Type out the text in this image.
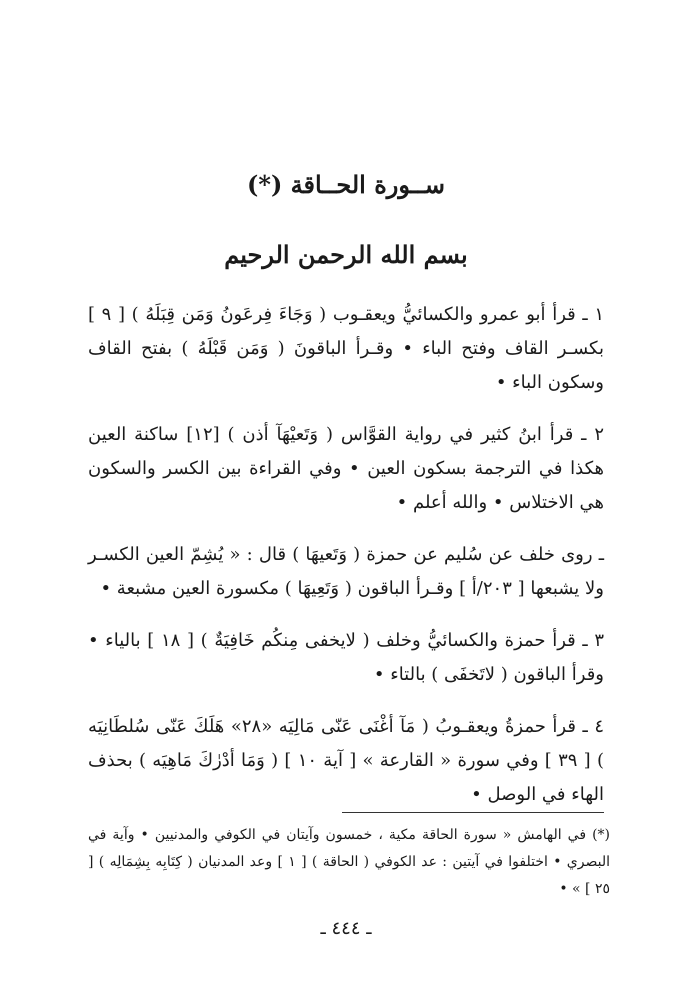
ســورة الحــاقة (*)
بسم الله الرحمن الرحيم

١ ـ قرأ أبو عمرو والكسائيُّ ويعقـوب ( وَجَاءَ فِرعَونُ وَمَن قِبَلَهُ ) [ ٩ ] بكسـر القاف وفتح الباء • وقـرأ الباقونَ ( وَمَن قَبْلَهُ ) بفتح القاف وسكون الباء •

٢ ـ قرأ ابنُ كثير في رواية القوَّاس ( وَتَعيْهَآ أذن ) [١٢] ساكنة العين هكذا في الترجمة بسكون العين • وفي القراءة بين الكسر والسكون هي الاختلاس • والله أعلم •

ـ روى خلف عن سُليم عن حمزة ( وَتَعيهَا ) قال : « يُشِمّ العين الكسـر ولا يشبعها [ ٢٠٣/أ ] وقـرأ الباقون ( وَتَعِيهَا ) مكسورة العين مشبعة •

٣ ـ قرأ حمزة والكسائيُّ وخلف ( لايخفى مِنكُم خَافِيَةٌ ) [ ١٨ ] بالياء • وقرأ الباقون ( لاتَخفَى ) بالتاء •

٤ ـ قرأ حمزةُ ويعقـوبُ ( مَآ أغْنَى عَنّى مَالِيَه «٢٨» هَلَكَ عَنّى سُلطَانِيَه ) [ ٣٩ ] وفي سورة « القارعة » [ آية ١٠ ] ( وَمَا أدْرٰكَ مَاهِيَه ) بحذف الهاء في الوصل •

(*) في الهامش « سورة الحاقة مكية ، خمسون وآيتان في الكوفي والمدنيين • وآية في البصري • اختلفوا في آيتين : عد الكوفي ( الحاقة ) [ ١ ] وعد المدنيان ( كِتَابِه بِشِمَالِه ) [ ٢٥ ] » •
ـ ٤٤٤ ـ
